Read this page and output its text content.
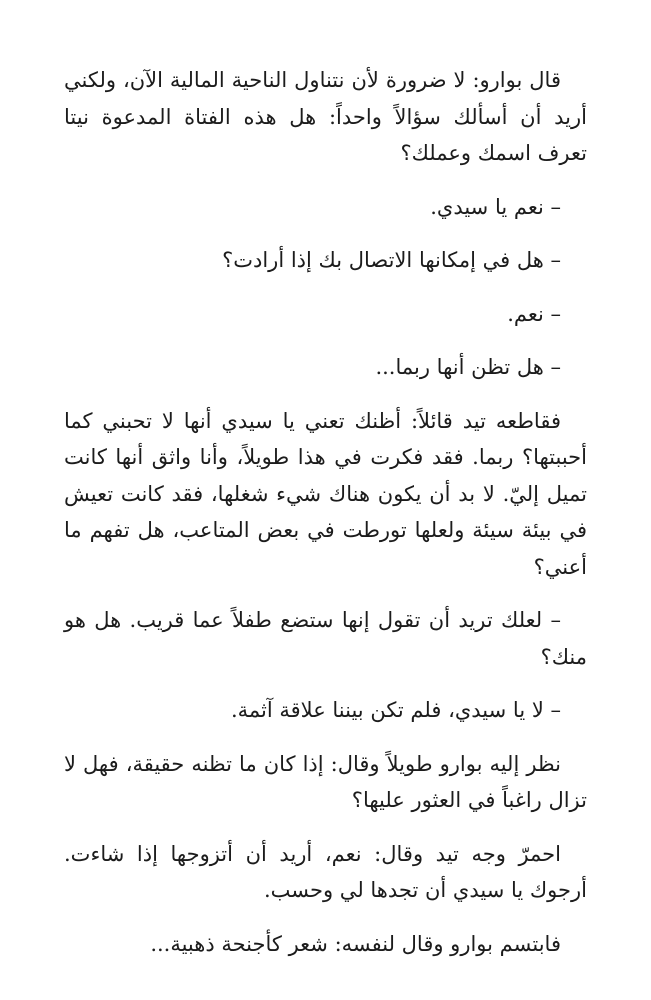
قال بوارو: لا ضرورة لأن نتناول الناحية المالية الآن، ولكني أريد أن أسألك سؤالاً واحداً: هل هذه الفتاة المدعوة نيتا تعرف اسمك وعملك؟

– نعم يا سيدي.

– هل في إمكانها الاتصال بك إذا أرادت؟

– نعم.

– هل تظن أنها ربما...

فقاطعه تيد قائلاً: أظنك تعني يا سيدي أنها لا تحبني كما أحببتها؟ ربما. فقد فكرت في هذا طويلاً، وأنا واثق أنها كانت تميل إليّ. لا بد أن يكون هناك شيء شغلها، فقد كانت تعيش في بيئة سيئة ولعلها تورطت في بعض المتاعب، هل تفهم ما أعني؟

– لعلك تريد أن تقول إنها ستضع طفلاً عما قريب. هل هو منك؟

– لا يا سيدي، فلم تكن بيننا علاقة آثمة.

نظر إليه بوارو طويلاً وقال: إذا كان ما تظنه حقيقة، فهل لا تزال راغباً في العثور عليها؟

احمرّ وجه تيد وقال: نعم، أريد أن أتزوجها إذا شاءت. أرجوك يا سيدي أن تجدها لي وحسب.

فابتسم بوارو وقال لنفسه: شعر كأجنحة ذهبية...
